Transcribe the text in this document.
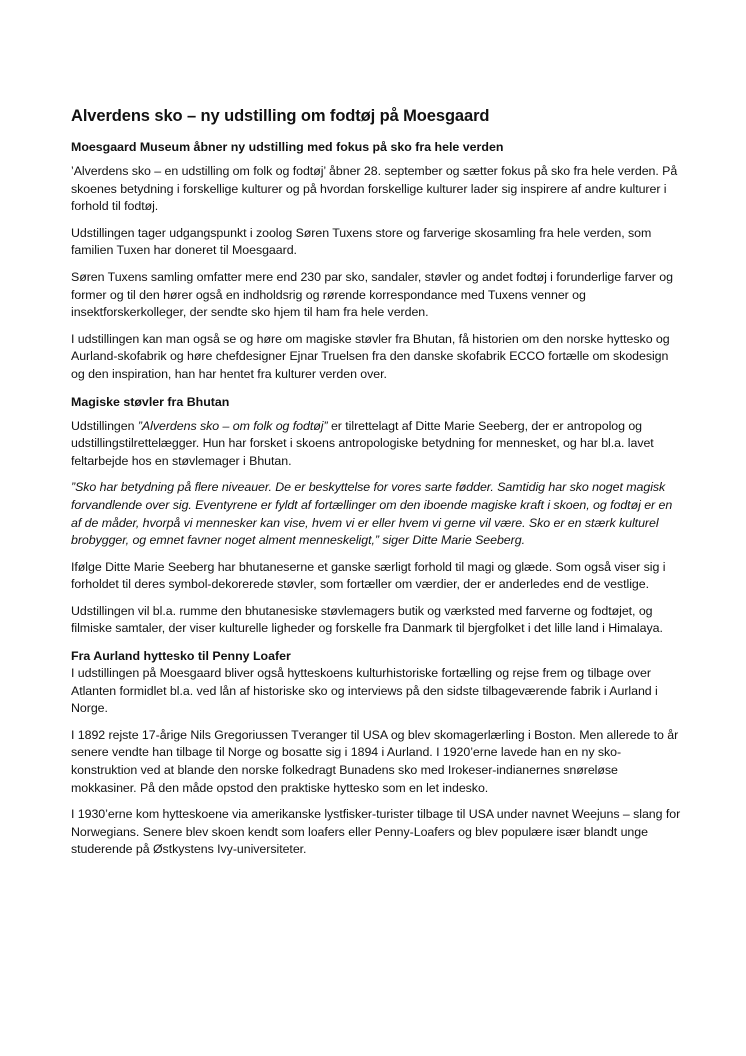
Alverdens sko – ny udstilling om fodtøj på Moesgaard
Moesgaard Museum åbner ny udstilling med fokus på sko fra hele verden

’Alverdens sko – en udstilling om folk og fodtøj’ åbner 28. september og sætter fokus på sko fra hele verden. På skoenes betydning i forskellige kulturer og på hvordan forskellige kulturer lader sig inspirere af andre kulturer i forhold til fodtøj.

Udstillingen tager udgangspunkt i zoolog Søren Tuxens store og farverige skosamling fra hele verden, som familien Tuxen har doneret til Moesgaard.

Søren Tuxens samling omfatter mere end 230 par sko, sandaler, støvler og andet fodtøj i forunderlige farver og former og til den hører også en indholdsrig og rørende korrespondance med Tuxens venner og insektforskerkolleger, der sendte sko hjem til ham fra hele verden.

I udstillingen kan man også se og høre om magiske støvler fra Bhutan, få historien om den norske hyttesko og Aurland-skofabrik og høre chefdesigner Ejnar Truelsen fra den danske skofabrik ECCO fortælle om skodesign og den inspiration, han har hentet fra kulturer verden over.

Magiske støvler fra Bhutan

Udstillingen ”Alverdens sko – om folk og fodtøj” er tilrettelagt af Ditte Marie Seeberg, der er antropolog og udstillingstilrettelægger. Hun har forsket i skoens antropologiske betydning for mennesket, og har bl.a. lavet feltarbejde hos en støvlemager i Bhutan.

”Sko har betydning på flere niveauer. De er beskyttelse for vores sarte fødder. Samtidig har sko noget magisk forvandlende over sig. Eventyrene er fyldt af fortællinger om den iboende magiske kraft i skoen, og fodtøj er en af de måder, hvorpå vi mennesker kan vise, hvem vi er eller hvem vi gerne vil være. Sko er en stærk kulturel brobygger, og emnet favner noget alment menneskeligt,” siger Ditte Marie Seeberg.

Ifølge Ditte Marie Seeberg har bhutaneserne et ganske særligt forhold til magi og glæde. Som også viser sig i forholdet til deres symbol-dekorerede støvler, som fortæller om værdier, der er anderledes end de vestlige.

Udstillingen vil bl.a. rumme den bhutanesiske støvlemagers butik og værksted med farverne og fodtøjet, og filmiske samtaler, der viser kulturelle ligheder og forskelle fra Danmark til bjergfolket i det lille land i Himalaya.

Fra Aurland hyttesko til Penny Loafer

I udstillingen på Moesgaard bliver også hytteskoens kulturhistoriske fortælling og rejse frem og tilbage over Atlanten formidlet bl.a. ved lån af historiske sko og interviews på den sidste tilbageværende fabrik i Aurland i Norge.

I 1892 rejste 17-årige Nils Gregoriussen Tveranger til USA og blev skomagerlærling i Boston. Men allerede to år senere vendte han tilbage til Norge og bosatte sig i 1894 i Aurland. I 1920’erne lavede han en ny sko-konstruktion ved at blande den norske folkedragt Bunadens sko med Irokeser-indianernes snøreløse mokkasiner. På den måde opstod den praktiske hyttesko som en let indesko.

I 1930’erne kom hytteskoene via amerikanske lystfisker-turister tilbage til USA under navnet Weejuns – slang for Norwegians. Senere blev skoen kendt som loafers eller Penny-Loafers og blev populære især blandt unge studerende på Østkystens Ivy-universiteter.
